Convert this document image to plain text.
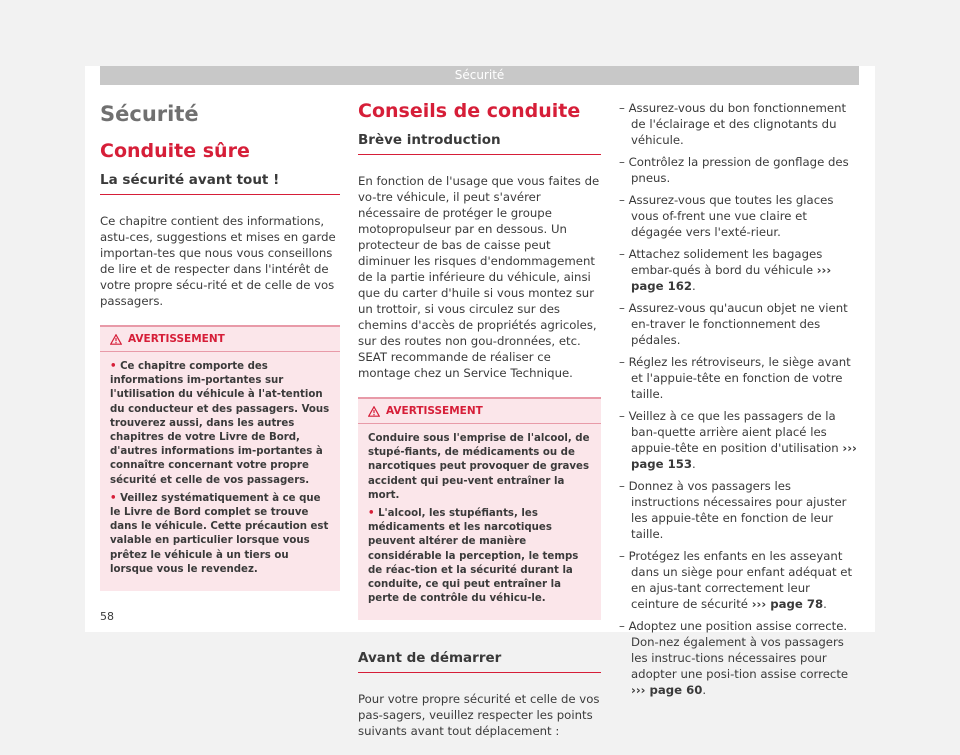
Sécurité
Sécurité
Conduite sûre
La sécurité avant tout !

Ce chapitre contient des informations, astu-ces, suggestions et mises en garde importan-tes que nous vous conseillons de lire et de respecter dans l'intérêt de votre propre sécu-rité et de celle de vos passagers.

AVERTISSEMENT

• Ce chapitre comporte des informations im-portantes sur l'utilisation du véhicule à l'at-tention du conducteur et des passagers. Vous trouverez aussi, dans les autres chapitres de votre Livre de Bord, d'autres informations im-portantes à connaître concernant votre propre sécurité et celle de vos passagers.

• Veillez systématiquement à ce que le Livre de Bord complet se trouve dans le véhicule. Cette précaution est valable en particulier lorsque vous prêtez le véhicule à un tiers ou lorsque vous le revendez.

Conseils de conduite
Brève introduction

En fonction de l'usage que vous faites de vo-tre véhicule, il peut s'avérer nécessaire de protéger le groupe motopropulseur par en dessous. Un protecteur de bas de caisse peut diminuer les risques d'endommagement de la partie inférieure du véhicule, ainsi que du carter d'huile si vous montez sur un trottoir, si vous circulez sur des chemins d'accès de propriétés agricoles, sur des routes non gou-dronnées, etc. SEAT recommande de réaliser ce montage chez un Service Technique.

AVERTISSEMENT

Conduire sous l'emprise de l'alcool, de stupé-fiants, de médicaments ou de narcotiques peut provoquer de graves accident qui peu-vent entraîner la mort.

• L'alcool, les stupéfiants, les médicaments et les narcotiques peuvent altérer de manière considérable la perception, le temps de réac-tion et la sécurité durant la conduite, ce qui peut entraîner la perte de contrôle du véhicu-le.

Avant de démarrer

Pour votre propre sécurité et celle de vos pas-sagers, veuillez respecter les points suivants avant tout déplacement :

– Assurez-vous du bon fonctionnement de l'éclairage et des clignotants du véhicule.
– Contrôlez la pression de gonflage des pneus.
– Assurez-vous que toutes les glaces vous of-frent une vue claire et dégagée vers l'exté-rieur.
– Attachez solidement les bagages embar-qués à bord du véhicule ››› page 162.
– Assurez-vous qu'aucun objet ne vient en-traver le fonctionnement des pédales.
– Réglez les rétroviseurs, le siège avant et l'appuie-tête en fonction de votre taille.
– Veillez à ce que les passagers de la ban-quette arrière aient placé les appuie-tête en position d'utilisation ››› page 153.
– Donnez à vos passagers les instructions nécessaires pour ajuster les appuie-tête en fonction de leur taille.
– Protégez les enfants en les asseyant dans un siège pour enfant adéquat et en ajus-tant correctement leur ceinture de sécurité ››› page 78.
– Adoptez une position assise correcte. Don-nez également à vos passagers les instruc-tions nécessaires pour adopter une posi-tion assise correcte ››› page 60.
58
